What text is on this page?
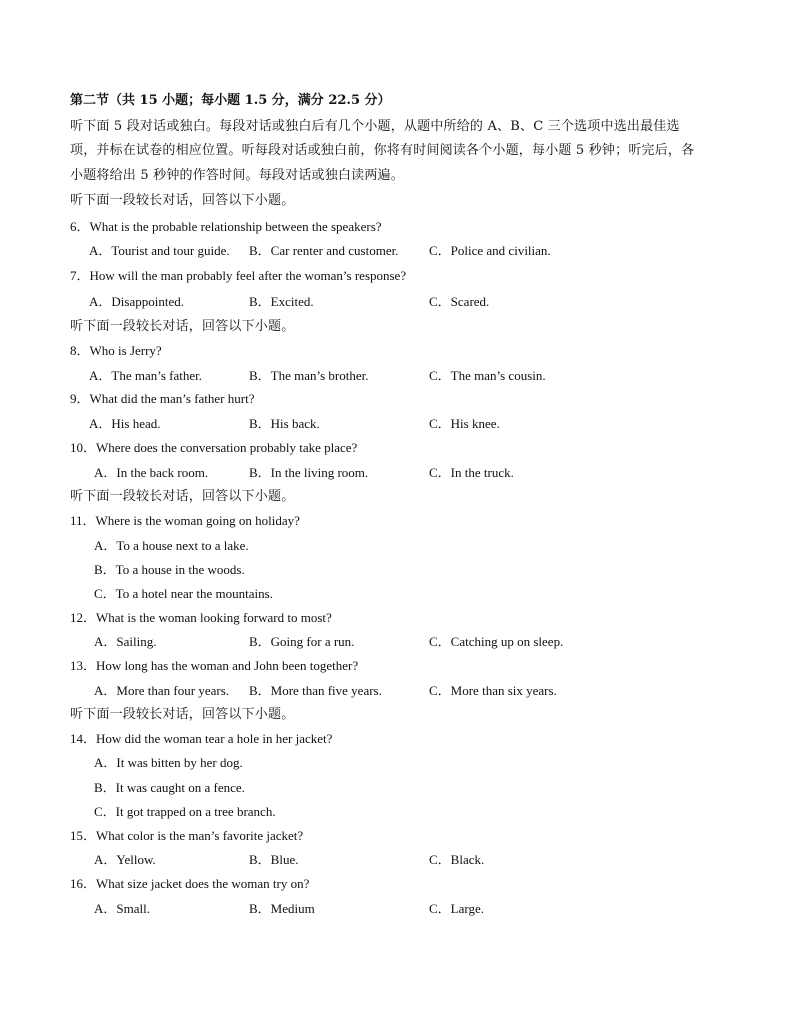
第二节（共 15 小题；每小题 1.5 分，满分 22.5 分）
听下面 5 段对话或独白。每段对话或独白后有几个小题，从题中所给的 A、B、C 三个选项中选出最佳选
项，并标在试卷的相应位置。听每段对话或独白前，你将有时间阅读各个小题，每小题 5 秒钟；听完后，各
小题将给出 5 秒钟的作答时间。每段对话或独白读两遍。
听下面一段较长对话，回答以下小题。
6．What is the probable relationship between the speakers?
A．Tourist and tour guide. B．Car renter and customer. C．Police and civilian.
7．How will the man probably feel after the woman’s response?
A．Disappointed.	B．Excited.	C．Scared.
听下面一段较长对话，回答以下小题。
8．Who is Jerry?
A．The man’s father.	B．The man’s brother.	C．The man’s cousin.
9．What did the man’s father hurt?
A．His head.	B．His back.	C．His knee.
10．Where does the conversation probably take place?
A．In the back room.	B．In the living room.	C．In the truck.
听下面一段较长对话，回答以下小题。
11．Where is the woman going on holiday?
A．To a house next to a lake.
B．To a house in the woods.
C．To a hotel near the mountains.
12．What is the woman looking forward to most?
A．Sailing.	B．Going for a run.	C．Catching up on sleep.
13．How long has the woman and John been together?
A．More than four years. B．More than five years.	C．More than six years.
听下面一段较长对话，回答以下小题。
14．How did the woman tear a hole in her jacket?
A．It was bitten by her dog.
B．It was caught on a fence.
C．It got trapped on a tree branch.
15．What color is the man’s favorite jacket?
A．Yellow.	B．Blue.	C．Black.
16．What size jacket does the woman try on?
A．Small.	B．Medium	C．Large.
